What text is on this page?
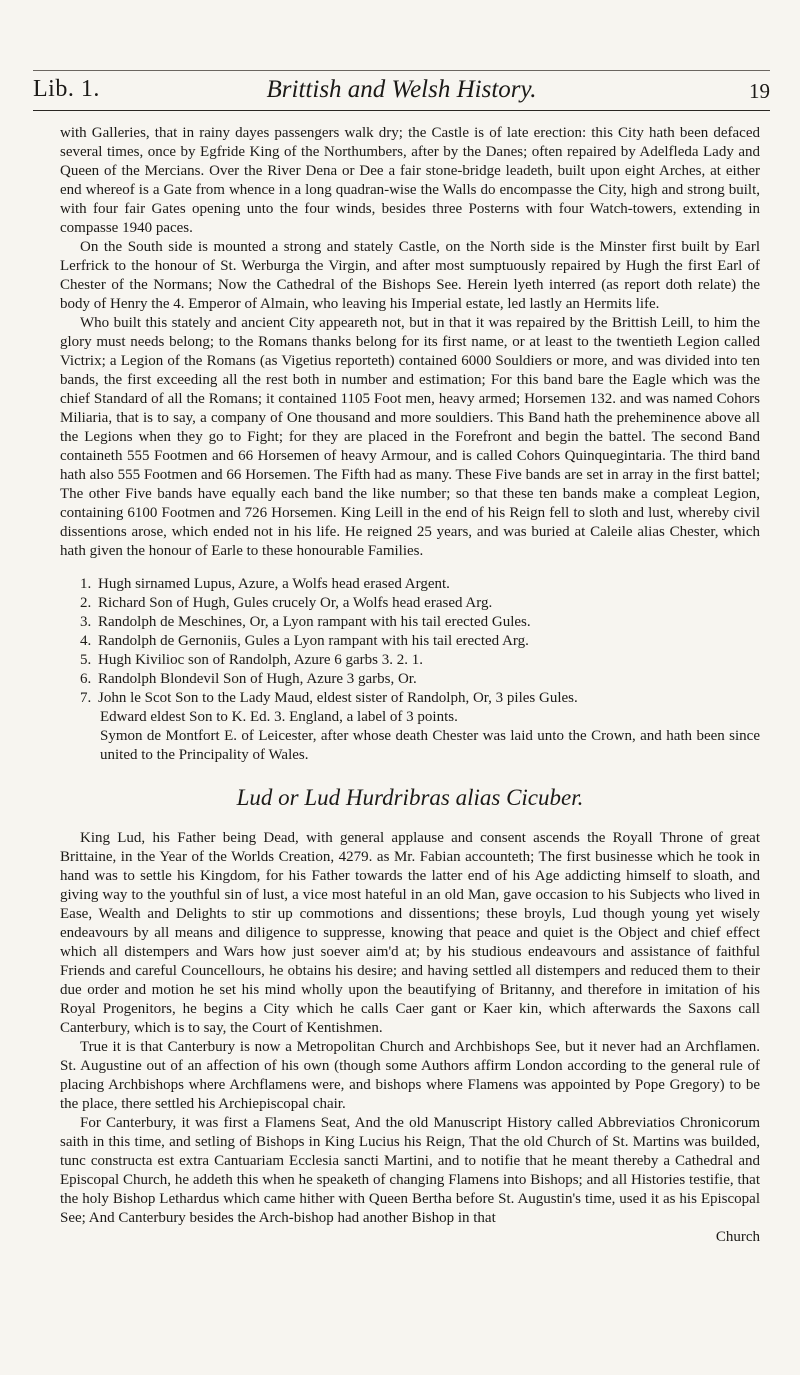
Lib. 1.	Brittish and Welsh History.	19

with Galleries, that in rainy dayes passengers walk dry; the Castle is of late erection: this City hath been defaced several times, once by Egfride King of the Northumbers, after by the Danes; often repaired by Adelfleda Lady and Queen of the Mercians. Over the River Dena or Dee a fair stone-bridge leadeth, built upon eight Arches, at either end whereof is a Gate from whence in a long quadran-wise the Walls do encompasse the City, high and strong built, with four fair Gates opening unto the four winds, besides three Posterns with four Watch-towers, extending in compasse 1940 paces.

On the South side is mounted a strong and stately Castle, on the North side is the Minster first built by Earl Lerfrick to the honour of St. Werburga the Virgin, and after most sumptuously repaired by Hugh the first Earl of Chester of the Normans; Now the Cathedral of the Bishops See. Herein lyeth interred (as report doth relate) the body of Henry the 4. Emperor of Almain, who leaving his Imperial estate, led lastly an Hermits life.

Who built this stately and ancient City appeareth not, but in that it was repaired by the Brittish Leill, to him the glory must needs belong; to the Romans thanks belong for its first name, or at least to the twentieth Legion called Victrix; a Legion of the Romans (as Vigetius reporteth) contained 6000 Souldiers or more, and was divided into ten bands, the first exceeding all the rest both in number and estimation; For this band bare the Eagle which was the chief Standard of all the Romans; it contained 1105 Foot men, heavy armed; Horsemen 132. and was named Cohors Miliaria, that is to say, a company of One thousand and more souldiers. This Band hath the preheminence above all the Legions when they go to Fight; for they are placed in the Forefront and begin the battel. The second Band containeth 555 Footmen and 66 Horsemen of heavy Armour, and is called Cohors Quinquegintaria. The third band hath also 555 Footmen and 66 Horsemen. The Fifth had as many. These Five bands are set in array in the first battel; The other Five bands have equally each band the like number; so that these ten bands make a compleat Legion, containing 6100 Footmen and 726 Horsemen. King Leill in the end of his Reign fell to sloth and lust, whereby civil dissentions arose, which ended not in his life. He reigned 25 years, and was buried at Caleile alias Chester, which hath given the honour of Earle to these honourable Families.

1. Hugh sirnamed Lupus, Azure, a Wolfs head erased Argent.
2. Richard Son of Hugh, Gules crucely Or, a Wolfs head erased Arg.
3. Randolph de Meschines, Or, a Lyon rampant with his tail erected Gules.
4. Randolph de Gernoniis, Gules a Lyon rampant with his tail erected Arg.
5. Hugh Kivilioc son of Randolph, Azure 6 garbs 3. 2. 1.
6. Randolph Blondevil Son of Hugh, Azure 3 garbs, Or.
7. John le Scot Son to the Lady Maud, eldest sister of Randolph, Or, 3 piles Gules.
Edward eldest Son to K. Ed. 3. England, a label of 3 points.
Symon de Montfort E. of Leicester, after whose death Chester was laid unto the Crown, and hath been since united to the Principality of Wales.
Lud or Lud Hurdribras alias Cicuber.

King Lud, his Father being Dead, with general applause and consent ascends the Royall Throne of great Brittaine, in the Year of the Worlds Creation, 4279. as Mr. Fabian accounteth; The first businesse which he took in hand was to settle his Kingdom, for his Father towards the latter end of his Age addicting himself to sloath, and giving way to the youthful sin of lust, a vice most hateful in an old Man, gave occasion to his Subjects who lived in Ease, Wealth and Delights to stir up commotions and dissentions; these broyls, Lud though young yet wisely endeavours by all means and diligence to suppresse, knowing that peace and quiet is the Object and chief effect which all distempers and Wars how just soever aim'd at; by his studious endeavours and assistance of faithful Friends and careful Councellours, he obtains his desire; and having settled all distempers and reduced them to their due order and motion he set his mind wholly upon the beautifying of Britanny, and therefore in imitation of his Royal Progenitors, he begins a City which he calls Caer gant or Kaer kin, which afterwards the Saxons call Canterbury, which is to say, the Court of Kentishmen.

True it is that Canterbury is now a Metropolitan Church and Archbishops See, but it never had an Archflamen. St. Augustine out of an affection of his own (though some Authors affirm London according to the general rule of placing Archbishops where Archflamens were, and bishops where Flamens was appointed by Pope Gregory) to be the place, there settled his Archiepiscopal chair.

For Canterbury, it was first a Flamens Seat, And the old Manuscript History called Abbreviatios Chronicorum saith in this time, and setling of Bishops in King Lucius his Reign, That the old Church of St. Martins was builded, tunc constructa est extra Cantuariam Ecclesia sancti Martini, and to notifie that he meant thereby a Cathedral and Episcopal Church, he addeth this when he speaketh of changing Flamens into Bishops; and all Histories testifie, that the holy Bishop Lethardus which came hither with Queen Bertha before St. Augustin's time, used it as his Episcopal See; And Canterbury besides the Arch-bishop had another Bishop in that

Church
